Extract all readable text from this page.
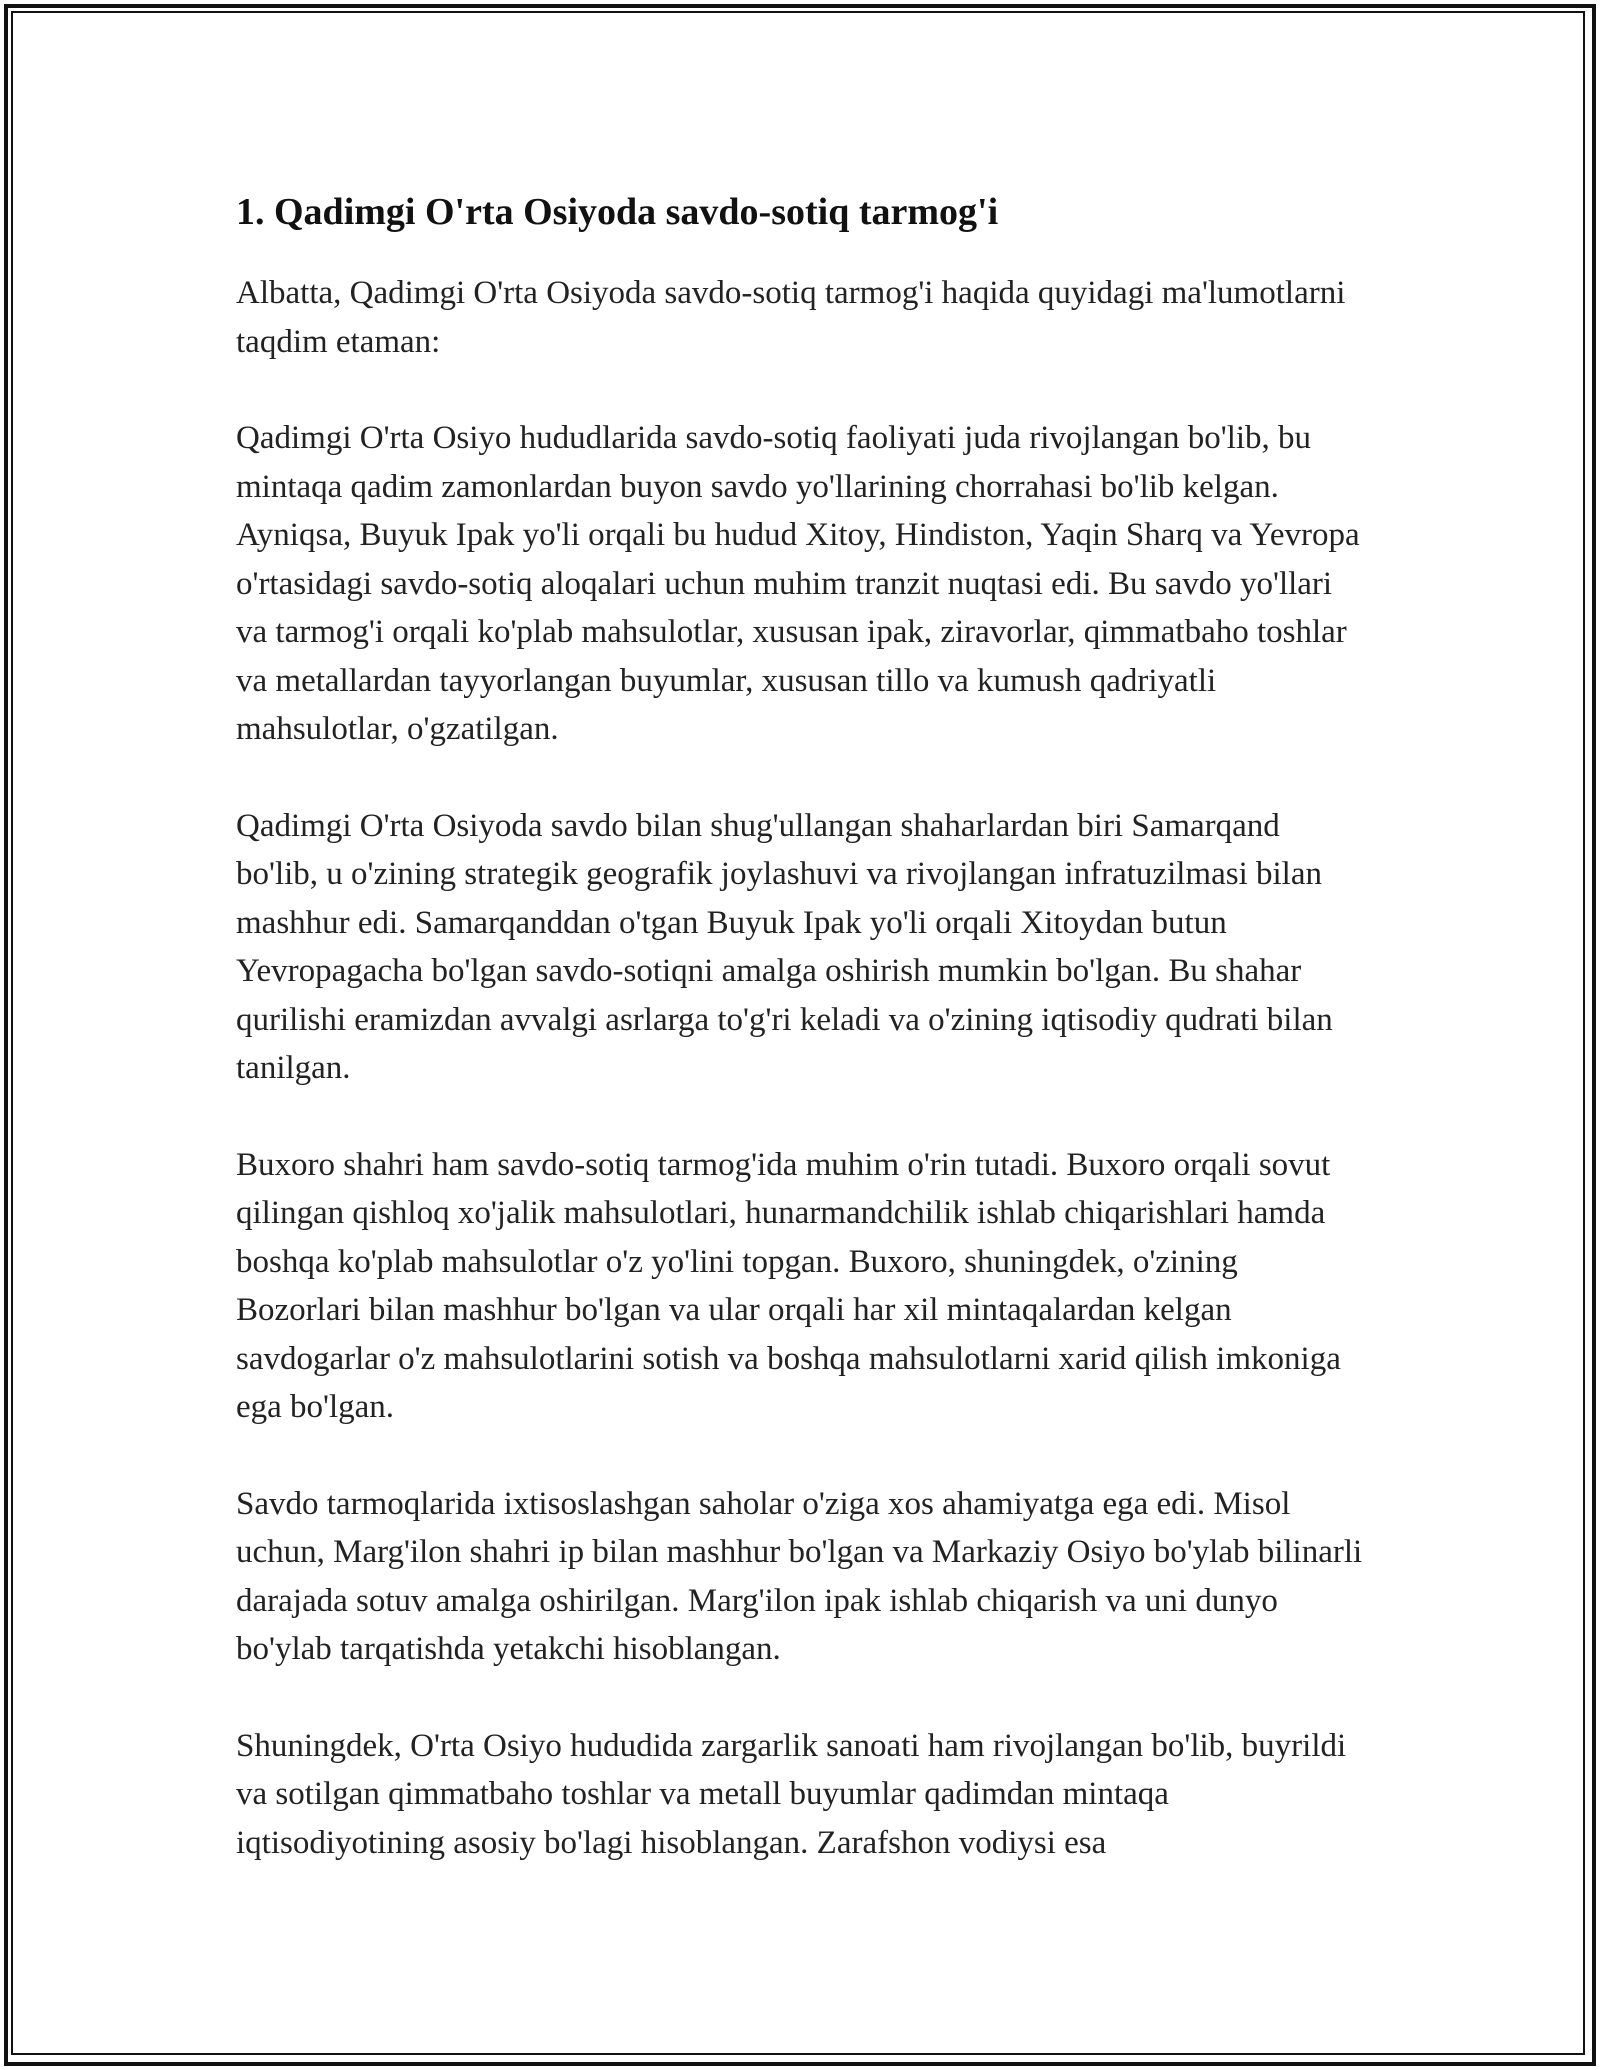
1. Qadimgi O'rta Osiyoda savdo-sotiq tarmog'i

Albatta, Qadimgi O'rta Osiyoda savdo-sotiq tarmog'i haqida quyidagi ma'lumotlarni taqdim etaman:

Qadimgi O'rta Osiyo hududlarida savdo-sotiq faoliyati juda rivojlangan bo'lib, bu mintaqa qadim zamonlardan buyon savdo yo'llarining chorrahasi bo'lib kelgan. Ayniqsa, Buyuk Ipak yo'li orqali bu hudud Xitoy, Hindiston, Yaqin Sharq va Yevropa o'rtasidagi savdo-sotiq aloqalari uchun muhim tranzit nuqtasi edi. Bu savdo yo'llari va tarmog'i orqali ko'plab mahsulotlar, xususan ipak, ziravorlar, qimmatbaho toshlar va metallardan tayyorlangan buyumlar, xususan tillo va kumush qadriyatli mahsulotlar, o'gzatilgan.

Qadimgi O'rta Osiyoda savdo bilan shug'ullangan shaharlardan biri Samarqand bo'lib, u o'zining strategik geografik joylashuvi va rivojlangan infratuzilmasi bilan mashhur edi. Samarqanddan o'tgan Buyuk Ipak yo'li orqali Xitoydan butun Yevropagacha bo'lgan savdo-sotiqni amalga oshirish mumkin bo'lgan. Bu shahar qurilishi eramizdan avvalgi asrlarga to'g'ri keladi va o'zining iqtisodiy qudrati bilan tanilgan.

Buxoro shahri ham savdo-sotiq tarmog'ida muhim o'rin tutadi. Buxoro orqali sovut qilingan qishloq xo'jalik mahsulotlari, hunarmandchilik ishlab chiqarishlari hamda boshqa ko'plab mahsulotlar o'z yo'lini topgan. Buxoro, shuningdek, o'zining Bozorlari bilan mashhur bo'lgan va ular orqali har xil mintaqalardan kelgan savdogarlar o'z mahsulotlarini sotish va boshqa mahsulotlarni xarid qilish imkoniga ega bo'lgan.

Savdo tarmoqlarida ixtisoslashgan saholar o'ziga xos ahamiyatga ega edi. Misol uchun, Marg'ilon shahri ip bilan mashhur bo'lgan va Markaziy Osiyo bo'ylab bilinarli darajada sotuv amalga oshirilgan. Marg'ilon ipak ishlab chiqarish va uni dunyo bo'ylab tarqatishda yetakchi hisoblangan.

Shuningdek, O'rta Osiyo hududida zargarlik sanoati ham rivojlangan bo'lib, buyrildi va sotilgan qimmatbaho toshlar va metall buyumlar qadimdan mintaqa iqtisodiyotining asosiy bo'lagi hisoblangan. Zarafshon vodiysi esa
